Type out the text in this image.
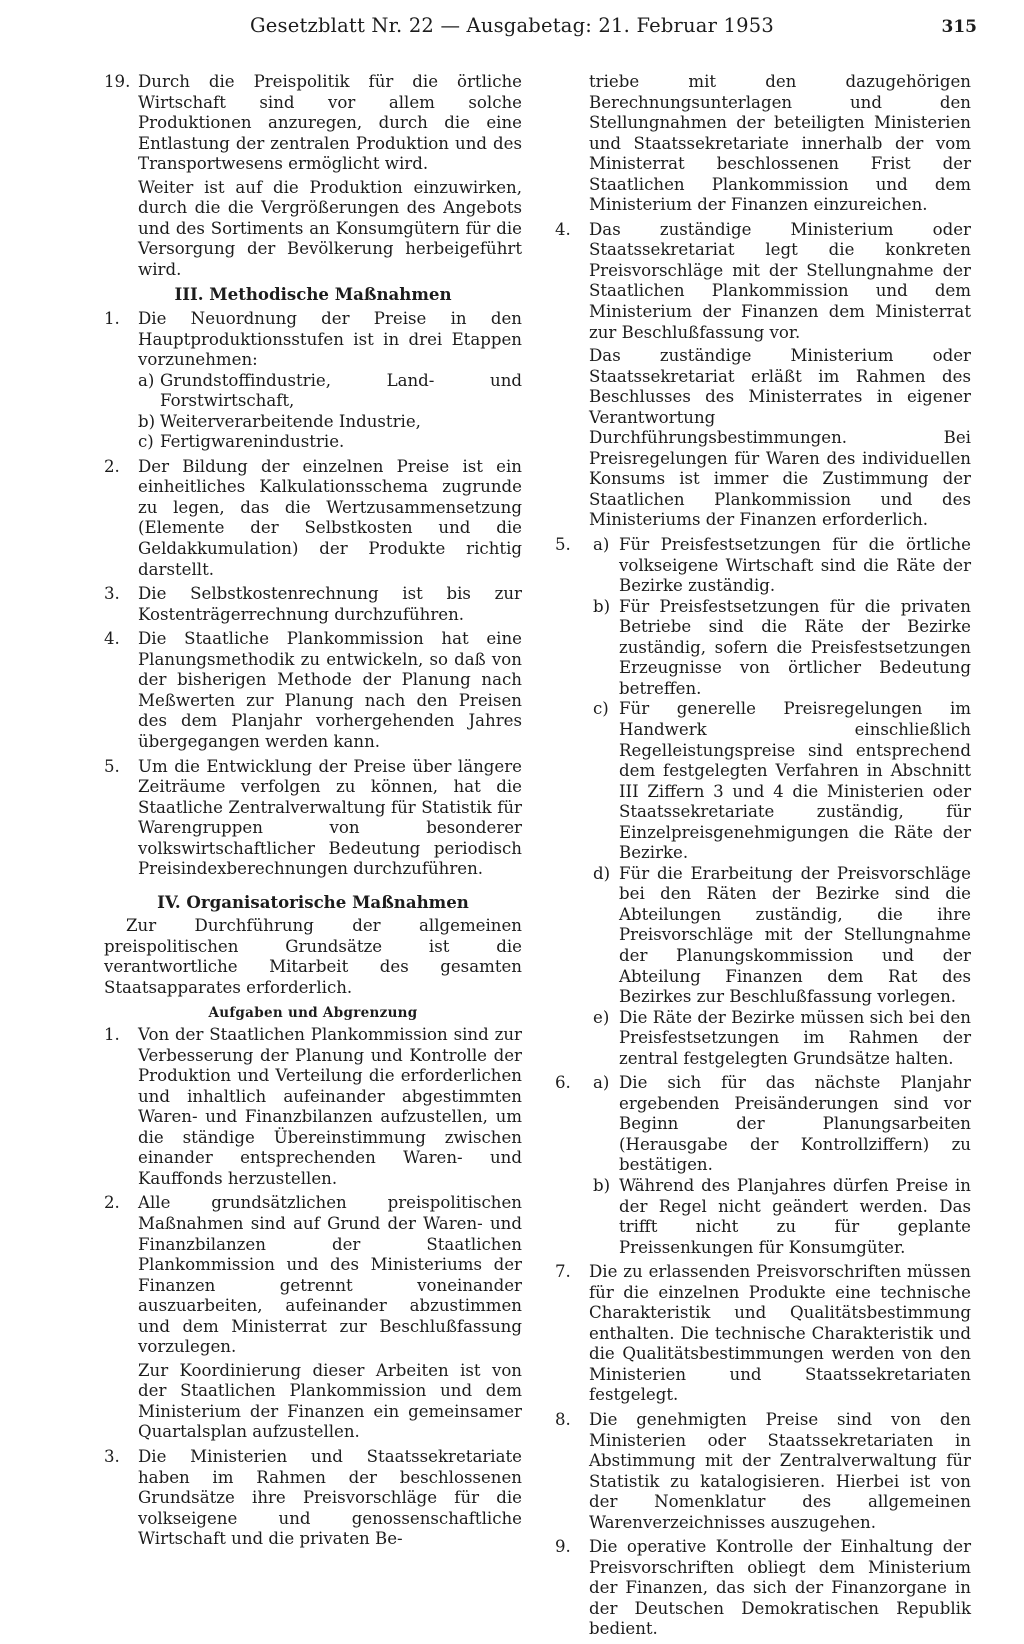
Gesetzblatt Nr. 22 — Ausgabetag: 21. Februar 1953	315
19. Durch die Preispolitik für die örtliche Wirtschaft sind vor allem solche Produktionen anzuregen, durch die eine Entlastung der zentralen Produktion und des Transportwesens ermöglicht wird.
Weiter ist auf die Produktion einzuwirken, durch die die Vergrößerungen des Angebots und des Sortiments an Konsumgütern für die Versorgung der Bevölkerung herbeigeführt wird.
III. Methodische Maßnahmen
1. Die Neuordnung der Preise in den Hauptproduktionsstufen ist in drei Etappen vorzunehmen:
a) Grundstoffindustrie, Land- und Forstwirtschaft,
b) Weiterverarbeitende Industrie,
c) Fertigwarenindustrie.
2. Der Bildung der einzelnen Preise ist ein einheitliches Kalkulationsschema zugrunde zu legen, das die Wertzusammensetzung (Elemente der Selbstkosten und die Geldakkumulation) der Produkte richtig darstellt.
3. Die Selbstkostenrechnung ist bis zur Kostenträgerrechnung durchzuführen.
4. Die Staatliche Plankommission hat eine Planungsmethodik zu entwickeln, so daß von der bisherigen Methode der Planung nach Meßwerten zur Planung nach den Preisen des dem Planjahr vorhergehenden Jahres übergegangen werden kann.
5. Um die Entwicklung der Preise über längere Zeiträume verfolgen zu können, hat die Staatliche Zentralverwaltung für Statistik für Warengruppen von besonderer volkswirtschaftlicher Bedeutung periodisch Preisindexberechnungen durchzuführen.
IV. Organisatorische Maßnahmen
Zur Durchführung der allgemeinen preispolitischen Grundsätze ist die verantwortliche Mitarbeit des gesamten Staatsapparates erforderlich.
Aufgaben und Abgrenzung
1. Von der Staatlichen Plankommission sind zur Verbesserung der Planung und Kontrolle der Produktion und Verteilung die erforderlichen und inhaltlich aufeinander abgestimmten Waren- und Finanzbilanzen aufzustellen, um die ständige Übereinstimmung zwischen einander entsprechenden Waren- und Kauffonds herzustellen.
2. Alle grundsätzlichen preispolitischen Maßnahmen sind auf Grund der Waren- und Finanzbilanzen der Staatlichen Plankommission und des Ministeriums der Finanzen getrennt voneinander auszuarbeiten, aufeinander abzustimmen und dem Ministerrat zur Beschlußfassung vorzulegen.
Zur Koordinierung dieser Arbeiten ist von der Staatlichen Plankommission und dem Ministerium der Finanzen ein gemeinsamer Quartalsplan aufzustellen.
3. Die Ministerien und Staatssekretariate haben im Rahmen der beschlossenen Grundsätze ihre Preisvorschläge für die volkseigene und genossenschaftliche Wirtschaft und die privaten Be-
triebe mit den dazugehörigen Berechnungsunterlagen und den Stellungnahmen der beteiligten Ministerien und Staatssekretariate innerhalb der vom Ministerrat beschlossenen Frist der Staatlichen Plankommission und dem Ministerium der Finanzen einzureichen.
4. Das zuständige Ministerium oder Staatssekretariat legt die konkreten Preisvorschläge mit der Stellungnahme der Staatlichen Plankommission und dem Ministerium der Finanzen dem Ministerrat zur Beschlußfassung vor.
Das zuständige Ministerium oder Staatssekretariat erläßt im Rahmen des Beschlusses des Ministerrates in eigener Verantwortung Durchführungsbestimmungen. Bei Preisregelungen für Waren des individuellen Konsums ist immer die Zustimmung der Staatlichen Plankommission und des Ministeriums der Finanzen erforderlich.
5. a) Für Preisfestsetzungen für die örtliche volkseigene Wirtschaft sind die Räte der Bezirke zuständig.
b) Für Preisfestsetzungen für die privaten Betriebe sind die Räte der Bezirke zuständig, sofern die Preisfestsetzungen Erzeugnisse von örtlicher Bedeutung betreffen.
c) Für generelle Preisregelungen im Handwerk einschließlich Regelleistungspreise sind entsprechend dem festgelegten Verfahren in Abschnitt III Ziffern 3 und 4 die Ministerien oder Staatssekretariate zuständig, für Einzelpreisgenehmigungen die Räte der Bezirke.
d) Für die Erarbeitung der Preisvorschläge bei den Räten der Bezirke sind die Abteilungen zuständig, die ihre Preisvorschläge mit der Stellungnahme der Planungskommission und der Abteilung Finanzen dem Rat des Bezirkes zur Beschlußfassung vorlegen.
e) Die Räte der Bezirke müssen sich bei den Preisfestsetzungen im Rahmen der zentral festgelegten Grundsätze halten.
6. a) Die sich für das nächste Planjahr ergebenden Preisänderungen sind vor Beginn der Planungsarbeiten (Herausgabe der Kontrollziffern) zu bestätigen.
b) Während des Planjahres dürfen Preise in der Regel nicht geändert werden. Das trifft nicht zu für geplante Preissenkungen für Konsumgüter.
7. Die zu erlassenden Preisvorschriften müssen für die einzelnen Produkte eine technische Charakteristik und Qualitätsbestimmung enthalten. Die technische Charakteristik und die Qualitätsbestimmungen werden von den Ministerien und Staatssekretariaten festgelegt.
8. Die genehmigten Preise sind von den Ministerien oder Staatssekretariaten in Abstimmung mit der Zentralverwaltung für Statistik zu katalogisieren. Hierbei ist von der Nomenklatur des allgemeinen Warenverzeichnisses auszugehen.
9. Die operative Kontrolle der Einhaltung der Preisvorschriften obliegt dem Ministerium der Finanzen, das sich der Finanzorgane in der Deutschen Demokratischen Republik bedient.
